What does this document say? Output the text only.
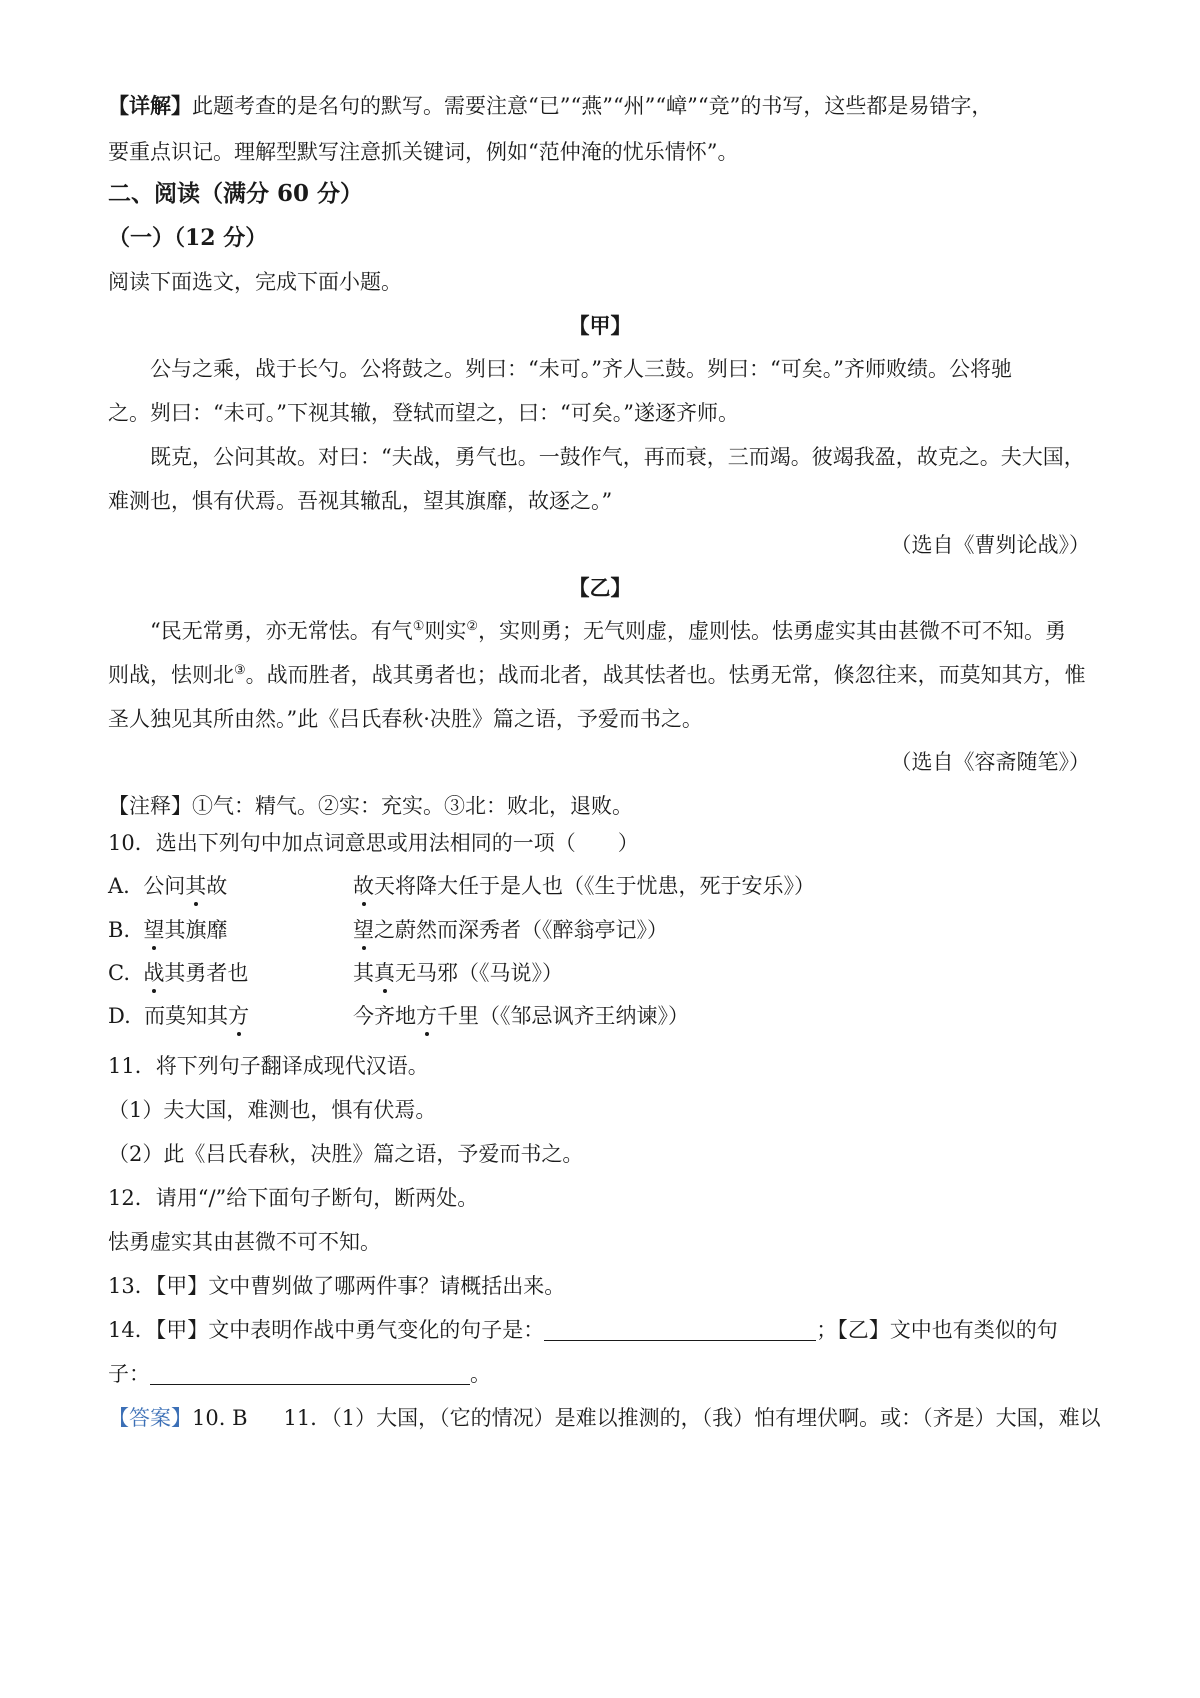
【详解】此题考查的是名句的默写。需要注意“已”“燕”“州”“嶂”“竞”的书写，这些都是易错字，
要重点识记。理解型默写注意抓关键词，例如“范仲淹的忧乐情怀”。
二、阅读（满分 60 分）
（一）（12 分）
阅读下面选文，完成下面小题。
【甲】
公与之乘，战于长勺。公将鼓之。刿曰：“未可。”齐人三鼓。刿曰：“可矣。”齐师败绩。公将驰
之。刿曰：“未可。”下视其辙，登轼而望之，曰：“可矣。”遂逐齐师。
既克，公问其故。对曰：“夫战，勇气也。一鼓作气，再而衰，三而竭。彼竭我盈，故克之。夫大国，
难测也，惧有伏焉。吾视其辙乱，望其旗靡，故逐之。”
（选自《曹刿论战》）
【乙】
“民无常勇，亦无常怯。有气①则实②，实则勇；无气则虚，虚则怯。怯勇虚实其由甚微不可不知。勇
则战，怯则北③。战而胜者，战其勇者也；战而北者，战其怯者也。怯勇无常，倏忽往来，而莫知其方，惟
圣人独见其所由然。”此《吕氏春秋·决胜》篇之语，予爱而书之。
（选自《容斋随笔》）
【注释】①气：精气。②实：充实。③北：败北，退败。
10．选出下列句中加点词意思或用法相同的一项（　　）
A. 公问其故	故天将降大任于是人也（《生于忧患，死于安乐》）
B. 望其旗靡	望之蔚然而深秀者（《醉翁亭记》）
C. 战其勇者也	其真无马邪（《马说》）
D. 而莫知其方	今齐地方千里（《邹忌讽齐王纳谏》）
11．将下列句子翻译成现代汉语。
（1）夫大国，难测也，惧有伏焉。
（2）此《吕氏春秋，决胜》篇之语，予爱而书之。
12．请用“/”给下面句子断句，断两处。
怯勇虚实其由甚微不可不知。
13．【甲】文中曹刿做了哪两件事？请概括出来。
14．【甲】文中表明作战中勇气变化的句子是：	；【乙】文中也有类似的句
子：	。
【答案】10. B 11．（1）大国，（它的情况）是难以推测的，（我）怕有埋伏啊。或：（齐是）大国，难以
